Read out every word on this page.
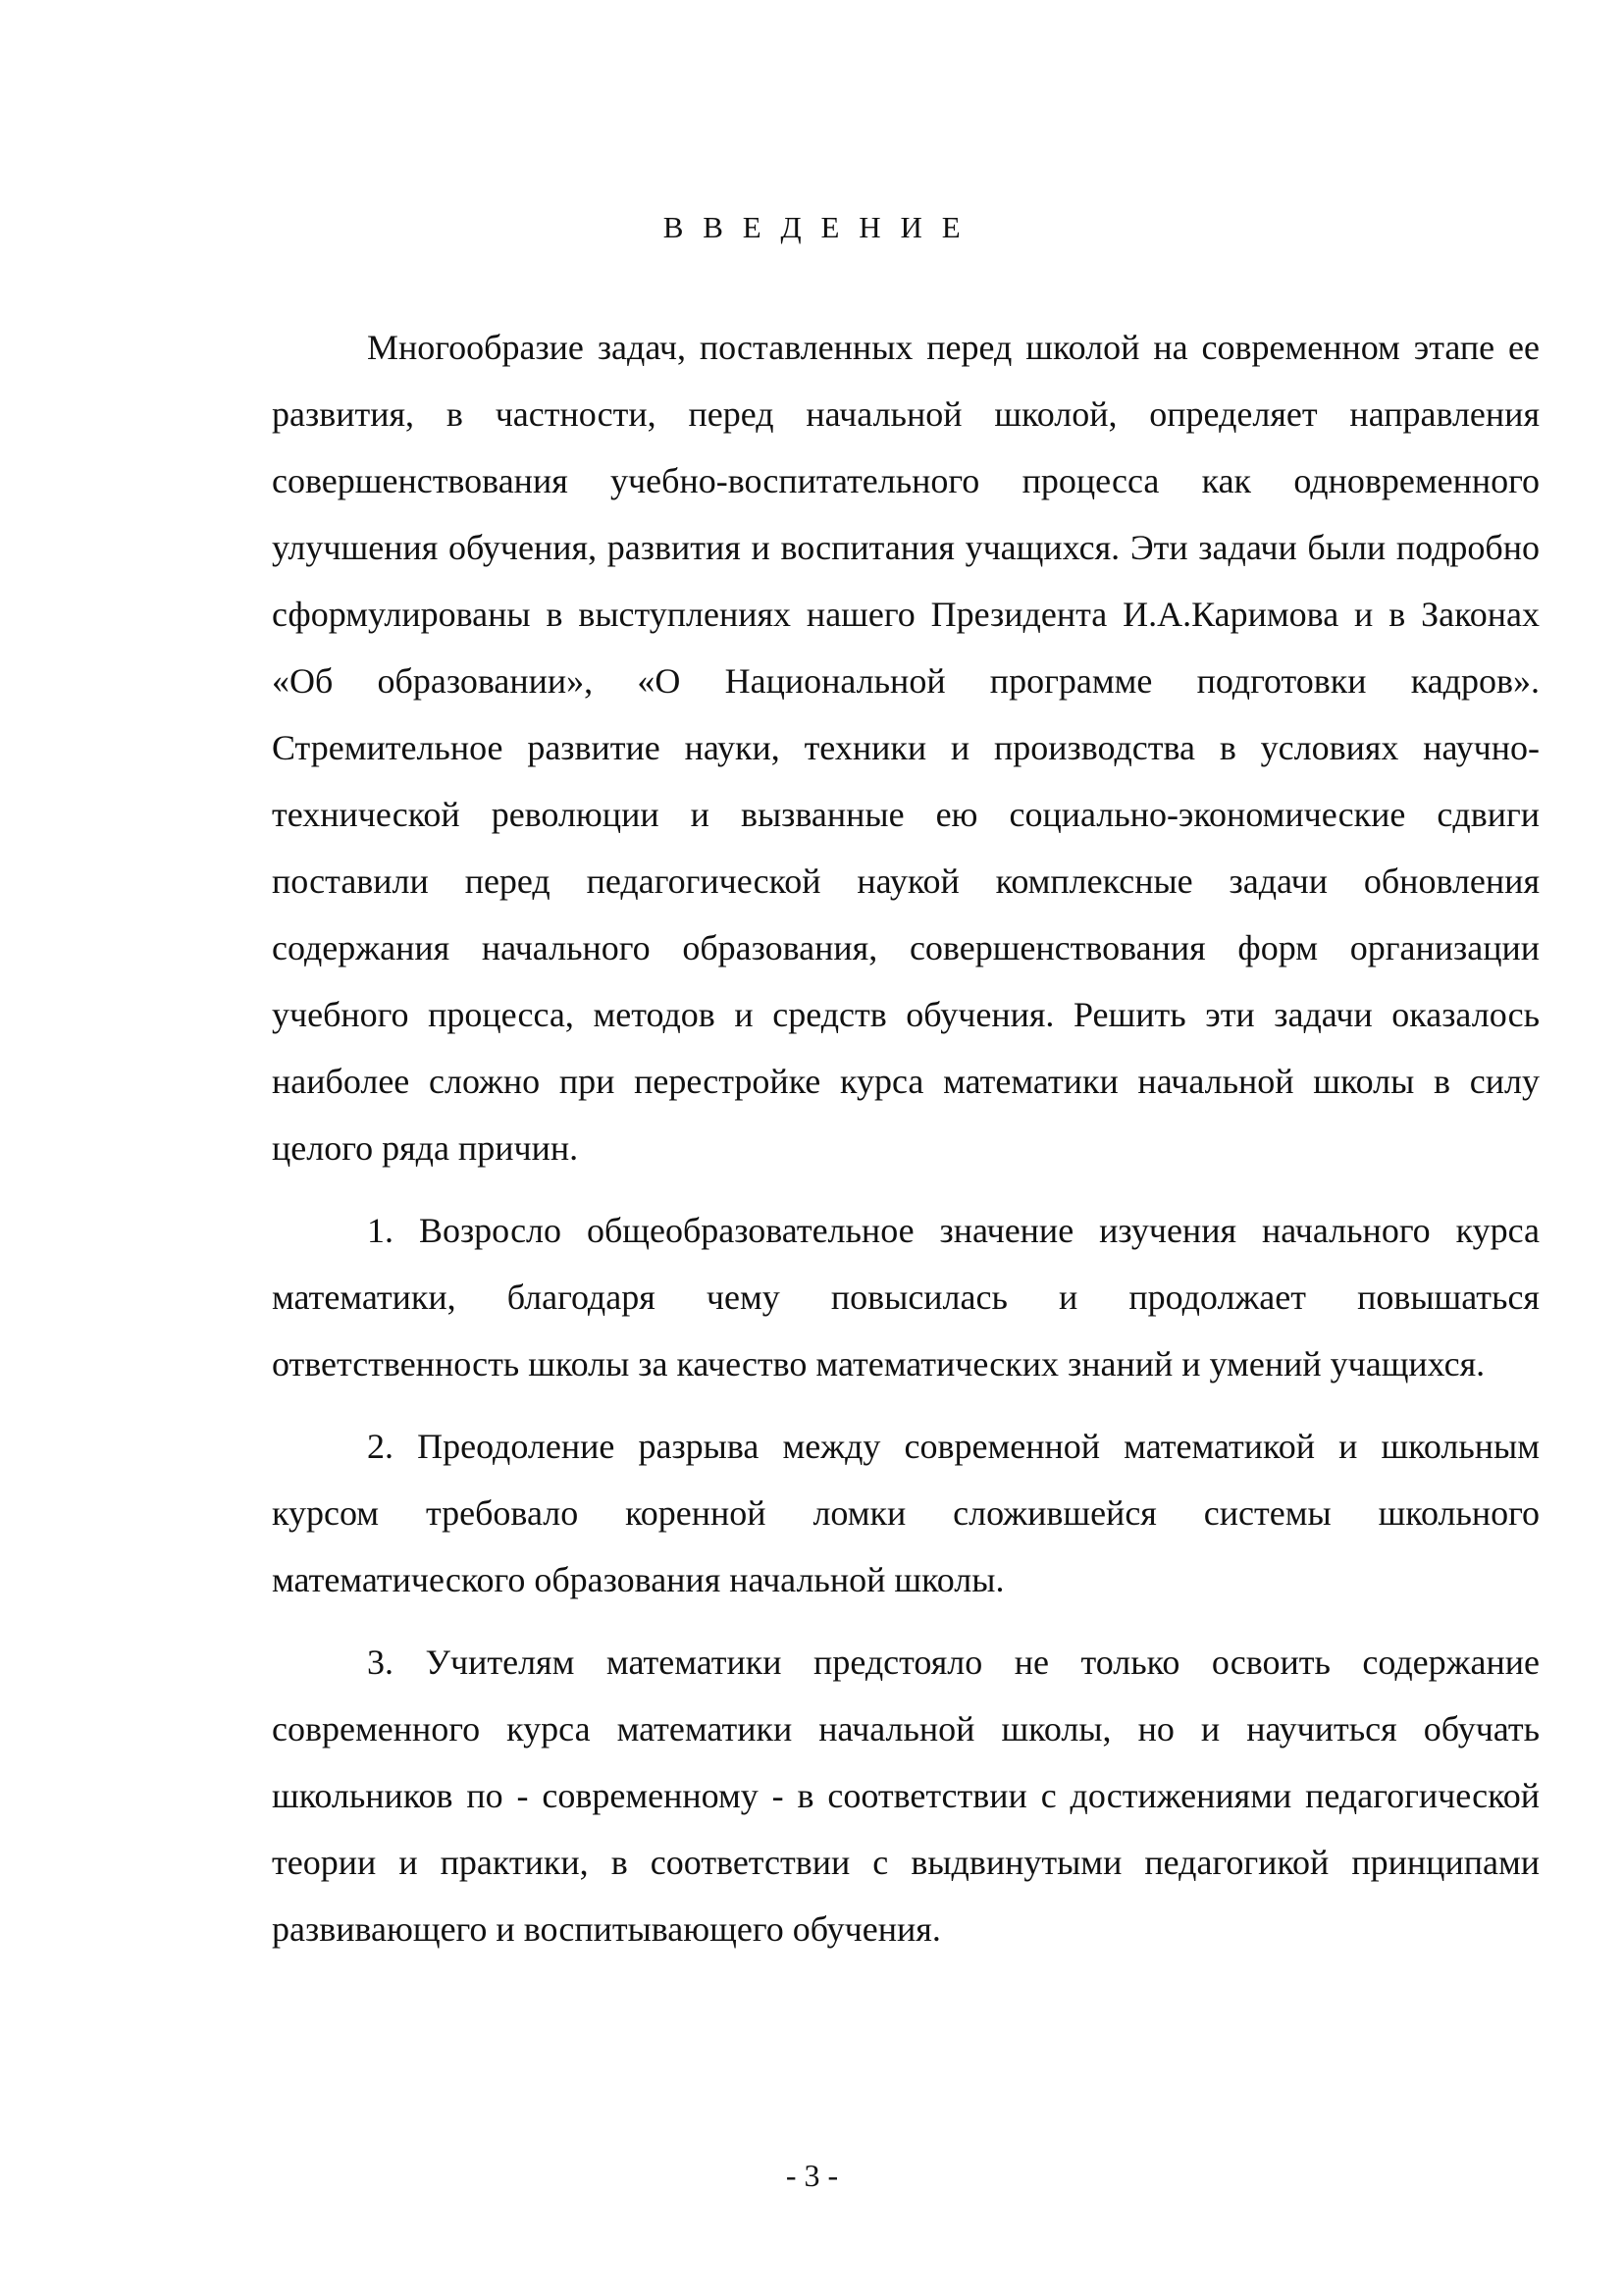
В В Е Д Е Н И Е

Многообразие задач, поставленных перед школой на современном этапе ее развития, в частности, перед начальной школой, определяет направления совершенствования учебно-воспитательного процесса как одновременного улучшения обучения, развития и воспитания учащихся. Эти задачи были подробно сформулированы в выступлениях нашего Президента И.А.Каримова и в Законах «Об образовании», «О Национальной программе подготовки кадров». Стремительное развитие науки, техники и производства в условиях научно-технической революции и вызванные ею социально-экономические сдвиги поставили перед педагогической наукой комплексные задачи обновления содержания начального образования, совершенствования форм организации учебного процесса, методов и средств обучения. Решить эти задачи оказалось наиболее сложно при перестройке курса математики начальной школы в силу целого ряда причин.

1. Возросло общеобразовательное значение изучения начального курса математики, благодаря чему повысилась и продолжает повышаться ответственность школы за качество математических знаний и умений учащихся.

2. Преодоление разрыва между современной математикой и школьным курсом требовало коренной ломки сложившейся системы школьного математического образования начальной школы.

3. Учителям математики предстояло не только освоить содержание современного курса математики начальной школы, но и научиться обучать школьников по - современному - в соответствии с достижениями педагогической теории и практики, в соответствии с выдвинутыми педагогикой принципами развивающего и воспитывающего обучения.

- 3 -
